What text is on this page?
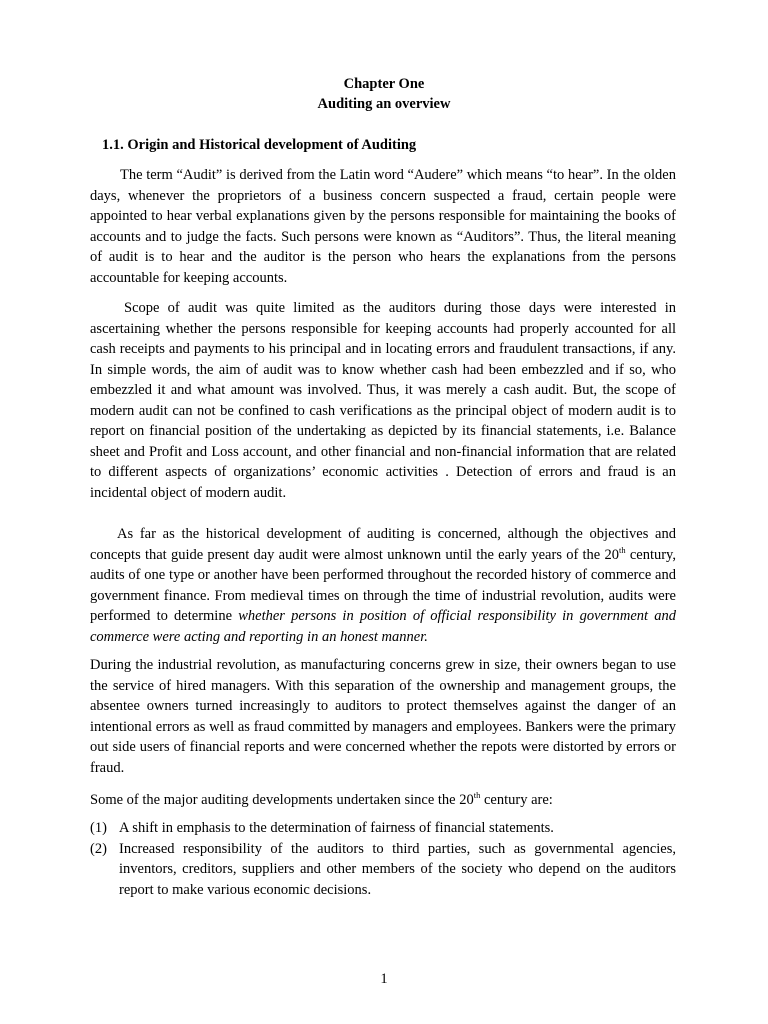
Chapter One
Auditing an overview
1.1. Origin and Historical development of Auditing

The term “Audit” is derived from the Latin word “Audere” which means “to hear”. In the olden days, whenever the proprietors of a business concern suspected a fraud, certain people were appointed to hear verbal explanations given by the persons responsible for maintaining the books of accounts and to judge the facts. Such persons were known as “Auditors”. Thus, the literal meaning of audit is to hear and the auditor is the person who hears the explanations from the persons accountable for keeping accounts.

Scope of audit was quite limited as the auditors during those days were interested in ascertaining whether the persons responsible for keeping accounts had properly accounted for all cash receipts and payments to his principal and in locating errors and fraudulent transactions, if any. In simple words, the aim of audit was to know whether cash had been embezzled and if so, who embezzled it and what amount was involved. Thus, it was merely a cash audit. But, the scope of modern audit can not be confined to cash verifications as the principal object of modern audit is to report on financial position of the undertaking as depicted by its financial statements, i.e. Balance sheet and Profit and Loss account, and other financial and non-financial information that are related to different aspects of organizations’ economic activities . Detection of errors and fraud is an incidental object of modern audit.

As far as the historical development of auditing is concerned, although the objectives and concepts that guide present day audit were almost unknown until the early years of the 20th century, audits of one type or another have been performed throughout the recorded history of commerce and government finance. From medieval times on through the time of industrial revolution, audits were performed to determine whether persons in position of official responsibility in government and commerce were acting and reporting in an honest manner.

During the industrial revolution, as manufacturing concerns grew in size, their owners began to use the service of hired managers. With this separation of the ownership and management groups, the absentee owners turned increasingly to auditors to protect themselves against the danger of an intentional errors as well as fraud committed by managers and employees. Bankers were the primary out side users of financial reports and were concerned whether the repots were distorted by errors or fraud.

Some of the major auditing developments undertaken since the 20th century are:

(1) A shift in emphasis to the determination of fairness of financial statements.
(2) Increased responsibility of the auditors to third parties, such as governmental agencies, inventors, creditors, suppliers and other members of the society who depend on the auditors report to make various economic decisions.
1
